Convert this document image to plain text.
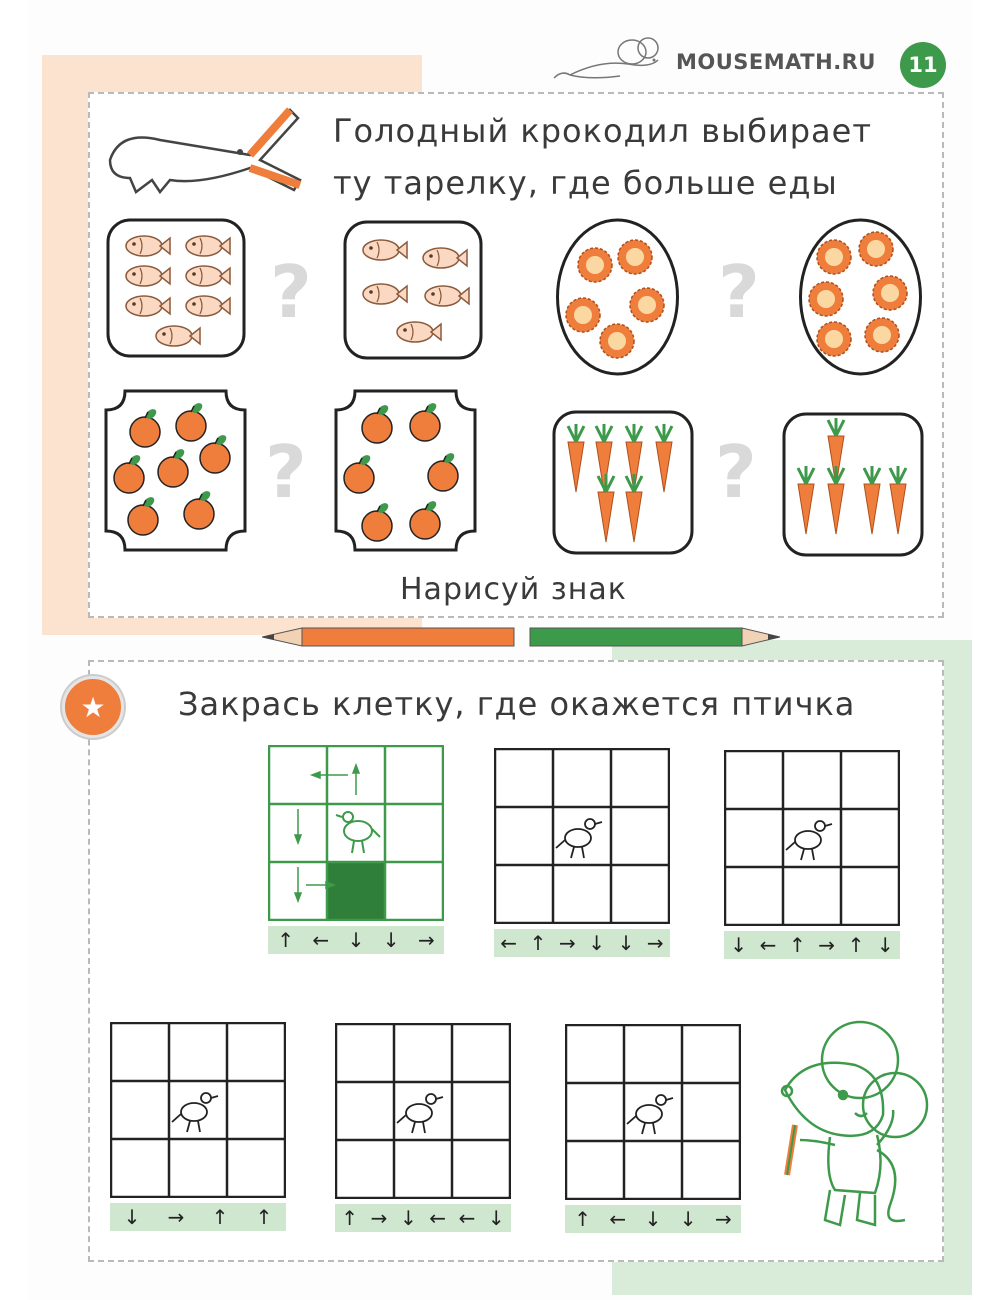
MOUSEMATH.RU	11
Голодный крокодил выбирает
ту тарелку, где больше еды
?	?
?	?
Нарисуй знак
★	Закрась клетку, где окажется птичка
↑ ← ↓ ↓ →	← ↑ → ↓ ↓ →	↓ ← ↑ → ↑ ↓
↓ → ↑ ↑	↑ → ↓ ← ← ↓	↑ ← ↓ ↓ →
